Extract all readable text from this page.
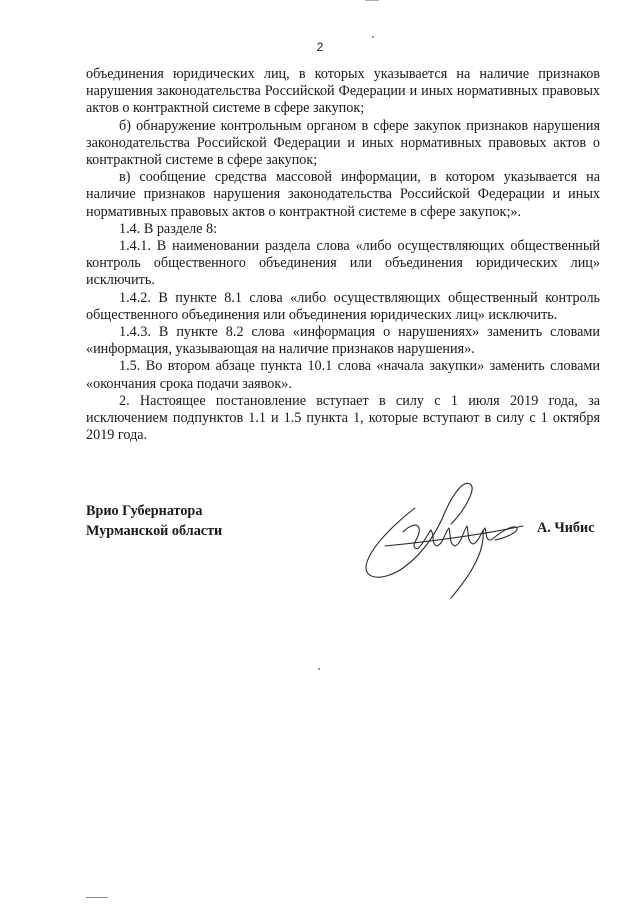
2

объединения юридических лиц, в которых указывается на наличие признаков нарушения законодательства Российской Федерации и иных нормативных правовых актов о контрактной системе в сфере закупок;

б) обнаружение контрольным органом в сфере закупок признаков нарушения законодательства Российской Федерации и иных нормативных правовых актов о контрактной системе в сфере закупок;

в) сообщение средства массовой информации, в котором указывается на наличие признаков нарушения законодательства Российской Федерации и иных нормативных правовых актов о контрактной системе в сфере закупок;».

1.4. В разделе 8:

1.4.1. В наименовании раздела слова «либо осуществляющих общественный контроль общественного объединения или объединения юридических лиц» исключить.

1.4.2. В пункте 8.1 слова «либо осуществляющих общественный контроль общественного объединения или объединения юридических лиц» исключить.

1.4.3. В пункте 8.2 слова «информация о нарушениях» заменить словами «информация, указывающая на наличие признаков нарушения».

1.5. Во втором абзаце пункта 10.1 слова «начала закупки» заменить словами «окончания срока подачи заявок».

2. Настоящее постановление вступает в силу с 1 июля 2019 года, за исключением подпунктов 1.1 и 1.5 пункта 1, которые вступают в силу с 1 октября 2019 года.

Врио Губернатора
Мурманской области	А. Чибис
